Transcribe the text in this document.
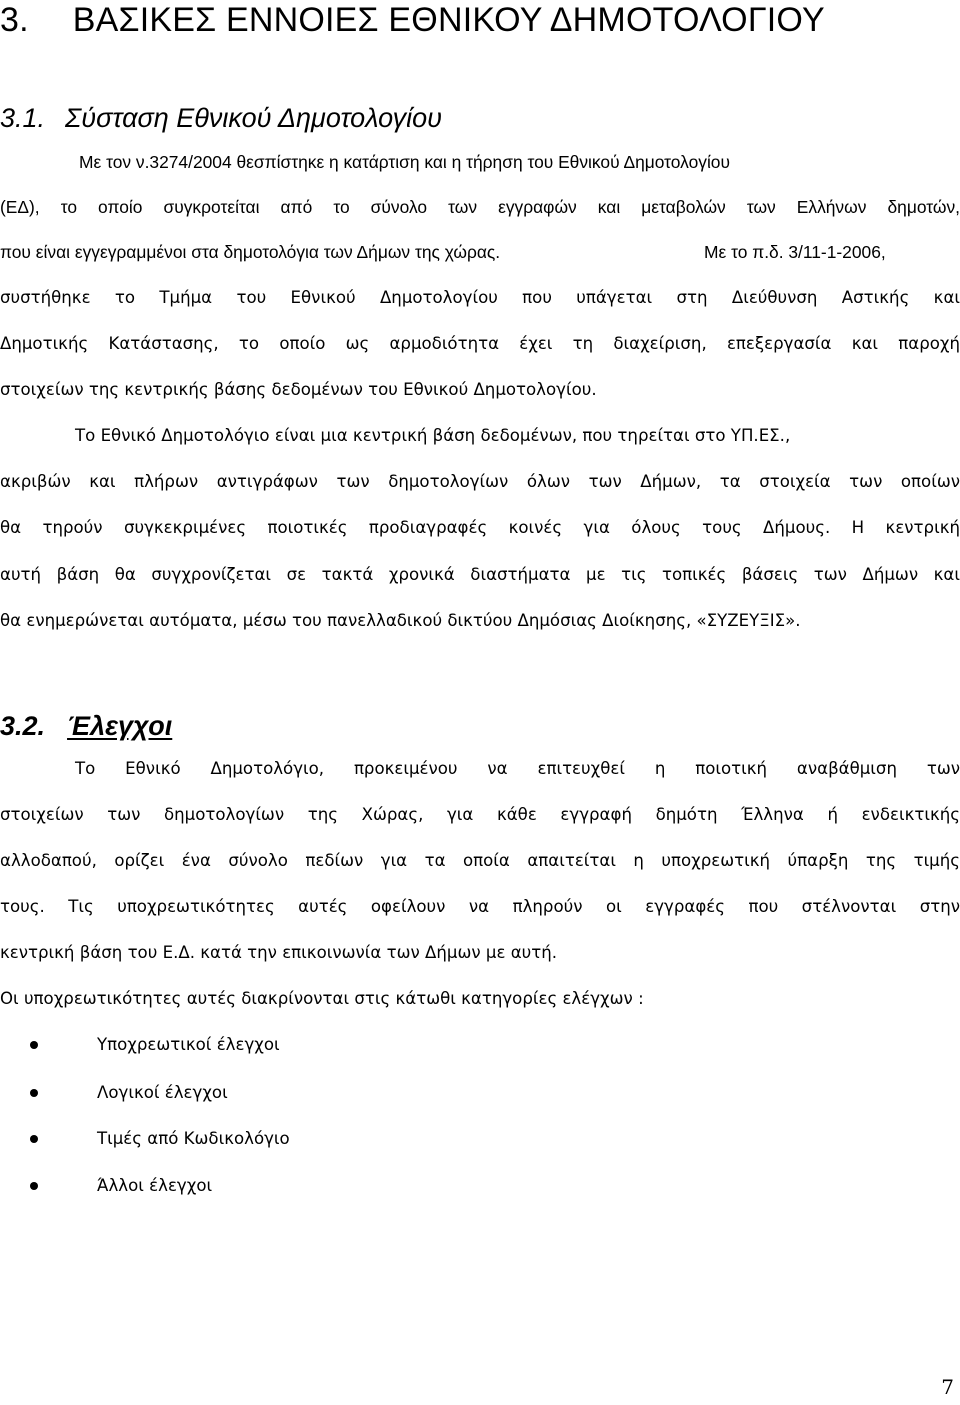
3. ΒΑΣΙΚΕΣ ΕΝΝΟΙΕΣ ΕΘΝΙΚΟΥ ΔΗΜΟΤΟΛΟΓΙΟΥ
3.1. Σύσταση Εθνικού Δημοτολογίου

Με τον ν.3274/2004 θεσπίστηκε η κατάρτιση και η τήρηση του Εθνικού Δημοτολογίου

(ΕΔ), το οποίο συγκροτείται από το σύνολο των εγγραφών και μεταβολών των Ελλήνων δημοτών,

που είναι εγγεγραμμένοι στα δημοτολόγια των Δήμων της χώρας.	Με το π.δ. 3/11-1-2006,

συστήθηκε το Τμήμα του Εθνικού Δημοτολογίου που υπάγεται στη Διεύθυνση Αστικής και

Δημοτικής Κατάστασης, το οποίο ως αρμοδιότητα έχει τη διαχείριση, επεξεργασία και παροχή

στοιχείων της κεντρικής βάσης δεδομένων του Εθνικού Δημοτολογίου.

Το Εθνικό Δημοτολόγιο είναι μια κεντρική βάση δεδομένων, που τηρείται στο ΥΠ.ΕΣ.,

ακριβών και πλήρων αντιγράφων των δημοτολογίων όλων των Δήμων, τα στοιχεία των οποίων

θα τηρούν συγκεκριμένες ποιοτικές προδιαγραφές κοινές για όλους τους Δήμους. Η κεντρική

αυτή βάση θα συγχρονίζεται σε τακτά χρονικά διαστήματα με τις τοπικές βάσεις των Δήμων και

θα ενημερώνεται αυτόματα, μέσω του πανελλαδικού δικτύου Δημόσιας Διοίκησης, «ΣΥΖΕΥΞΙΣ».

3.2. Έλεγχοι

Το Εθνικό Δημοτολόγιο, προκειμένου να επιτευχθεί η ποιοτική αναβάθμιση των

στοιχείων των δημοτολογίων της Χώρας, για κάθε εγγραφή δημότη Έλληνα ή ενδεικτικής

αλλοδαπού, ορίζει ένα σύνολο πεδίων για τα οποία απαιτείται η υποχρεωτική ύπαρξη της τιμής

τους. Τις υποχρεωτικότητες αυτές οφείλουν να πληρούν οι εγγραφές που στέλνονται στην

κεντρική βάση του Ε.Δ. κατά την επικοινωνία των Δήμων με αυτή.

Οι υποχρεωτικότητες αυτές διακρίνονται στις κάτωθι κατηγορίες ελέγχων :

Υποχρεωτικοί έλεγχοι

Λογικοί έλεγχοι

Τιμές από Κωδικολόγιο

Άλλοι έλεγχοι

7
